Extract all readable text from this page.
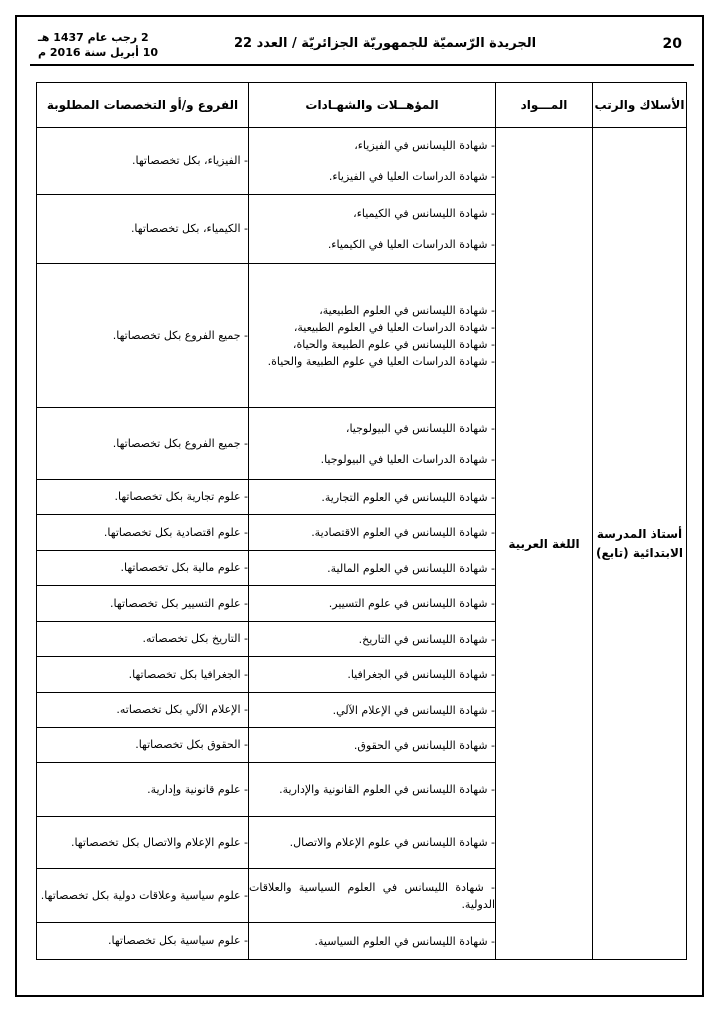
20
الجريدة الرّسميّة للجمهوريّة الجزائريّة / العدد 22
2 رجب عام 1437 هـ
10 أبريل سنة 2016 م
الأسلاك والرتب	المـــواد	المؤهــلات والشهـادات	الفروع و/أو التخصصات المطلوبة
أستاذ المدرسة الابتدائية (تابع)	اللغة العربية	- شهادة الليسانس في الفيزياء،
- شهادة الدراسات العليا في الفيزياء.	- الفيزياء، بكل تخصصاتها.

		- شهادة الليسانس في الكيمياء،
- شهادة الدراسات العليا في الكيمياء.	- الكيمياء، بكل تخصصاتها.

		- شهادة الليسانس في العلوم الطبيعية،
- شهادة الدراسات العليا في العلوم الطبيعية،
- شهادة الليسانس في علوم الطبيعة والحياة،
- شهادة الدراسات العليا في علوم الطبيعة والحياة.	- جميع الفروع بكل تخصصاتها.

		- شهادة الليسانس في البيولوجيا،
- شهادة الدراسات العليا في البيولوجيا.	- جميع الفروع بكل تخصصاتها.

		- شهادة الليسانس في العلوم التجارية.	- علوم تجارية بكل تخصصاتها.

		- شهادة الليسانس في العلوم الاقتصادية.	- علوم اقتصادية بكل تخصصاتها.

		- شهادة الليسانس في العلوم المالية.	- علوم مالية بكل تخصصاتها.

		- شهادة الليسانس في علوم التسيير.	- علوم التسيير بكل تخصصاتها.

		- شهادة الليسانس في التاريخ.	- التاريخ بكل تخصصاته.

		- شهادة الليسانس في الجغرافيا.	- الجغرافيا بكل تخصصاتها.

		- شهادة الليسانس في الإعلام الآلي.	- الإعلام الآلي بكل تخصصاته.

		- شهادة الليسانس في الحقوق.	- الحقوق بكل تخصصاتها.

		- شهادة الليسانس في العلوم القانونية والإدارية.	- علوم قانونية وإدارية.

		- شهادة الليسانس في علوم الإعلام والاتصال.	- علوم الإعلام والاتصال بكل تخصصاتها.

		- شهادة الليسانس في العلوم السياسية والعلاقات الدولية.	- علوم سياسية وعلاقات دولية بكل تخصصاتها.

		- شهادة الليسانس في العلوم السياسية.	- علوم سياسية بكل تخصصاتها.
